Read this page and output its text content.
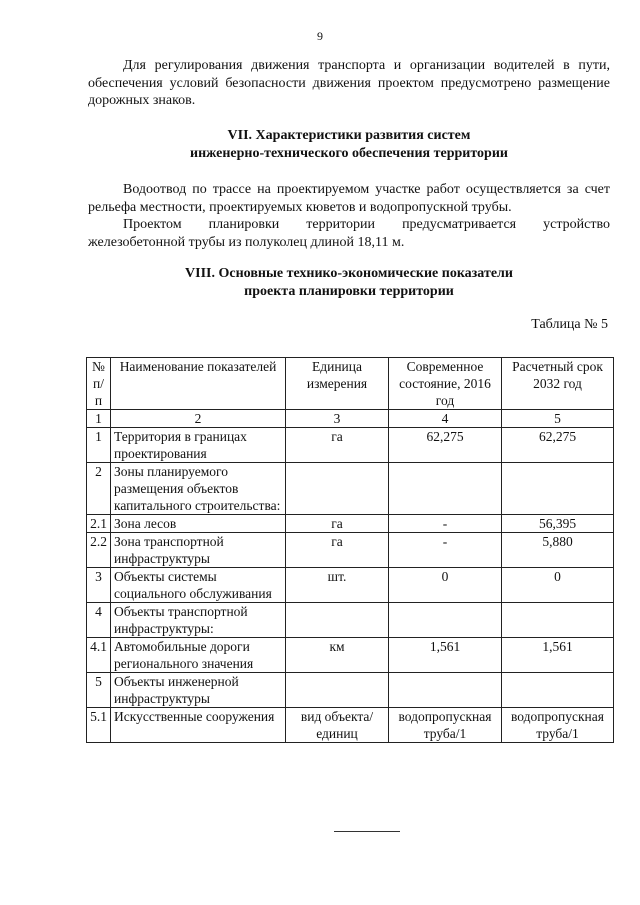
9

Для регулирования движения транспорта и организации водителей в пути, обеспечения условий безопасности движения проектом предусмотрено размещение дорожных знаков.

VII. Характеристики развития систем
инженерно-технического обеспечения территории

Водоотвод по трассе на проектируемом участке работ осуществляется за счет рельефа местности, проектируемых кюветов и водопропускной трубы.

Проектом планировки территории предусматривается устройство железобетонной трубы из полуколец длиной 18,11 м.

VIII. Основные технико-экономические показатели
проекта планировки территории
Таблица № 5
№ п/п	Наименование показателей	Единица измерения	Современное состояние, 2016 год	Расчетный срок 2032 год
1	2	3	4	5
1	Территория в границах проектирования	га	62,275	62,275
2	Зоны планируемого размещения объектов капитального строительства:			
2.1	Зона лесов	га	-	56,395
2.2	Зона транспортной инфраструктуры	га	-	5,880
3	Объекты системы социального обслуживания	шт.	0	0
4	Объекты транспортной инфраструктуры:			
4.1	Автомобильные дороги регионального значения	км	1,561	1,561
5	Объекты инженерной инфраструктуры			
5.1	Искусственные сооружения	вид объекта/единиц	водопропускная труба/1	водопропускная труба/1
